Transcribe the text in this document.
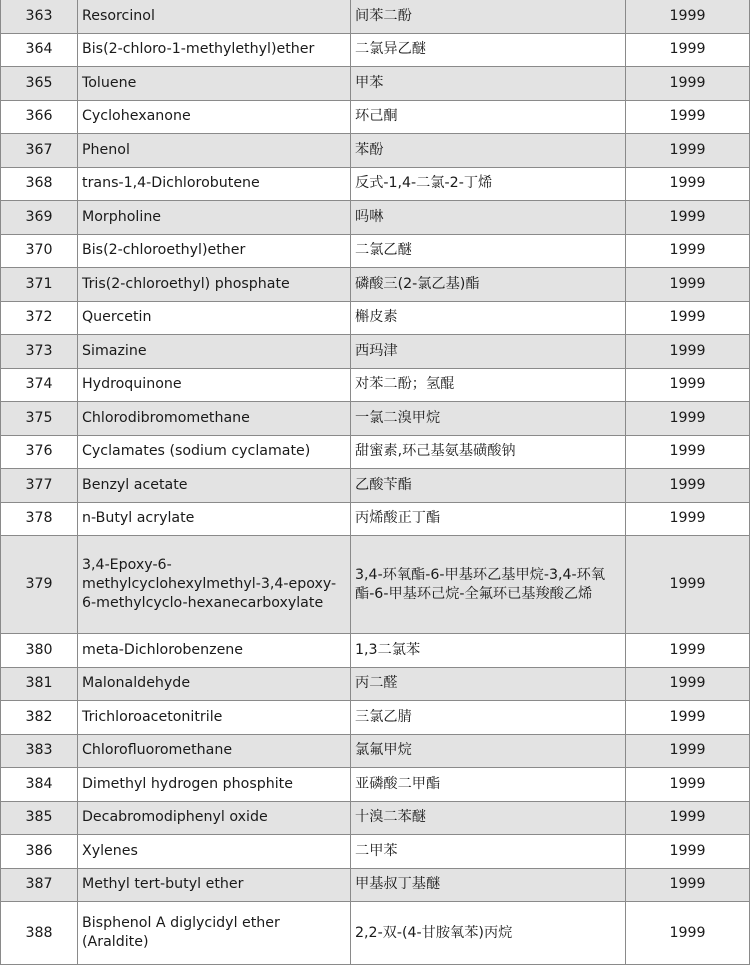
363	Resorcinol	间苯二酚	1999
364	Bis(2-chloro-1-methylethyl)ether	二氯异乙醚	1999
365	Toluene	甲苯	1999
366	Cyclohexanone	环己酮	1999
367	Phenol	苯酚	1999
368	trans-1,4-Dichlorobutene	反式-1,4-二氯-2-丁烯	1999
369	Morpholine	吗啉	1999
370	Bis(2-chloroethyl)ether	二氯乙醚	1999
371	Tris(2-chloroethyl) phosphate	磷酸三(2-氯乙基)酯	1999
372	Quercetin	槲皮素	1999
373	Simazine	西玛津	1999
374	Hydroquinone	对苯二酚；氢醌	1999
375	Chlorodibromomethane	一氯二溴甲烷	1999
376	Cyclamates (sodium cyclamate)	甜蜜素,环己基氨基磺酸钠	1999
377	Benzyl acetate	乙酸苄酯	1999
378	n-Butyl acrylate	丙烯酸正丁酯	1999
379	3,4-Epoxy-6-methylcyclohexylmethyl-3,4-epoxy-6-methylcyclo-hexanecarboxylate	3,4-环氧酯-6-甲基环乙基甲烷-3,4-环氧酯-6-甲基环己烷-全氟环已基羧酸乙烯	1999
380	meta-Dichlorobenzene	1,3二氯苯	1999
381	Malonaldehyde	丙二醛	1999
382	Trichloroacetonitrile	三氯乙腈	1999
383	Chlorofluoromethane	氯氟甲烷	1999
384	Dimethyl hydrogen phosphite	亚磷酸二甲酯	1999
385	Decabromodiphenyl oxide	十溴二苯醚	1999
386	Xylenes	二甲苯	1999
387	Methyl tert-butyl ether	甲基叔丁基醚	1999
388	Bisphenol A diglycidyl ether (Araldite)	2,2-双-(4-甘胺氧苯)丙烷	1999
